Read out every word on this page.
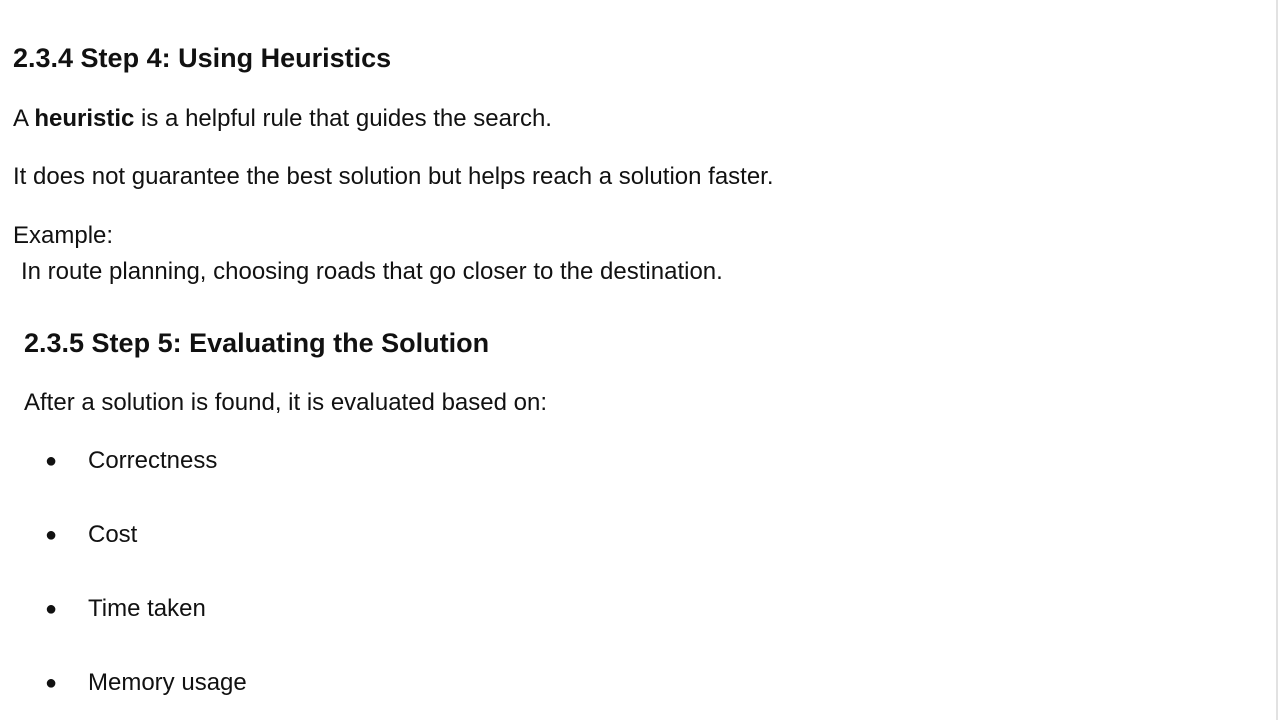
2.3.4 Step 4: Using Heuristics

A heuristic is a helpful rule that guides the search.

It does not guarantee the best solution but helps reach a solution faster.

Example:

In route planning, choosing roads that go closer to the destination.

2.3.5 Step 5: Evaluating the Solution

After a solution is found, it is evaluated based on:

● Correctness
● Cost
● Time taken
● Memory usage
